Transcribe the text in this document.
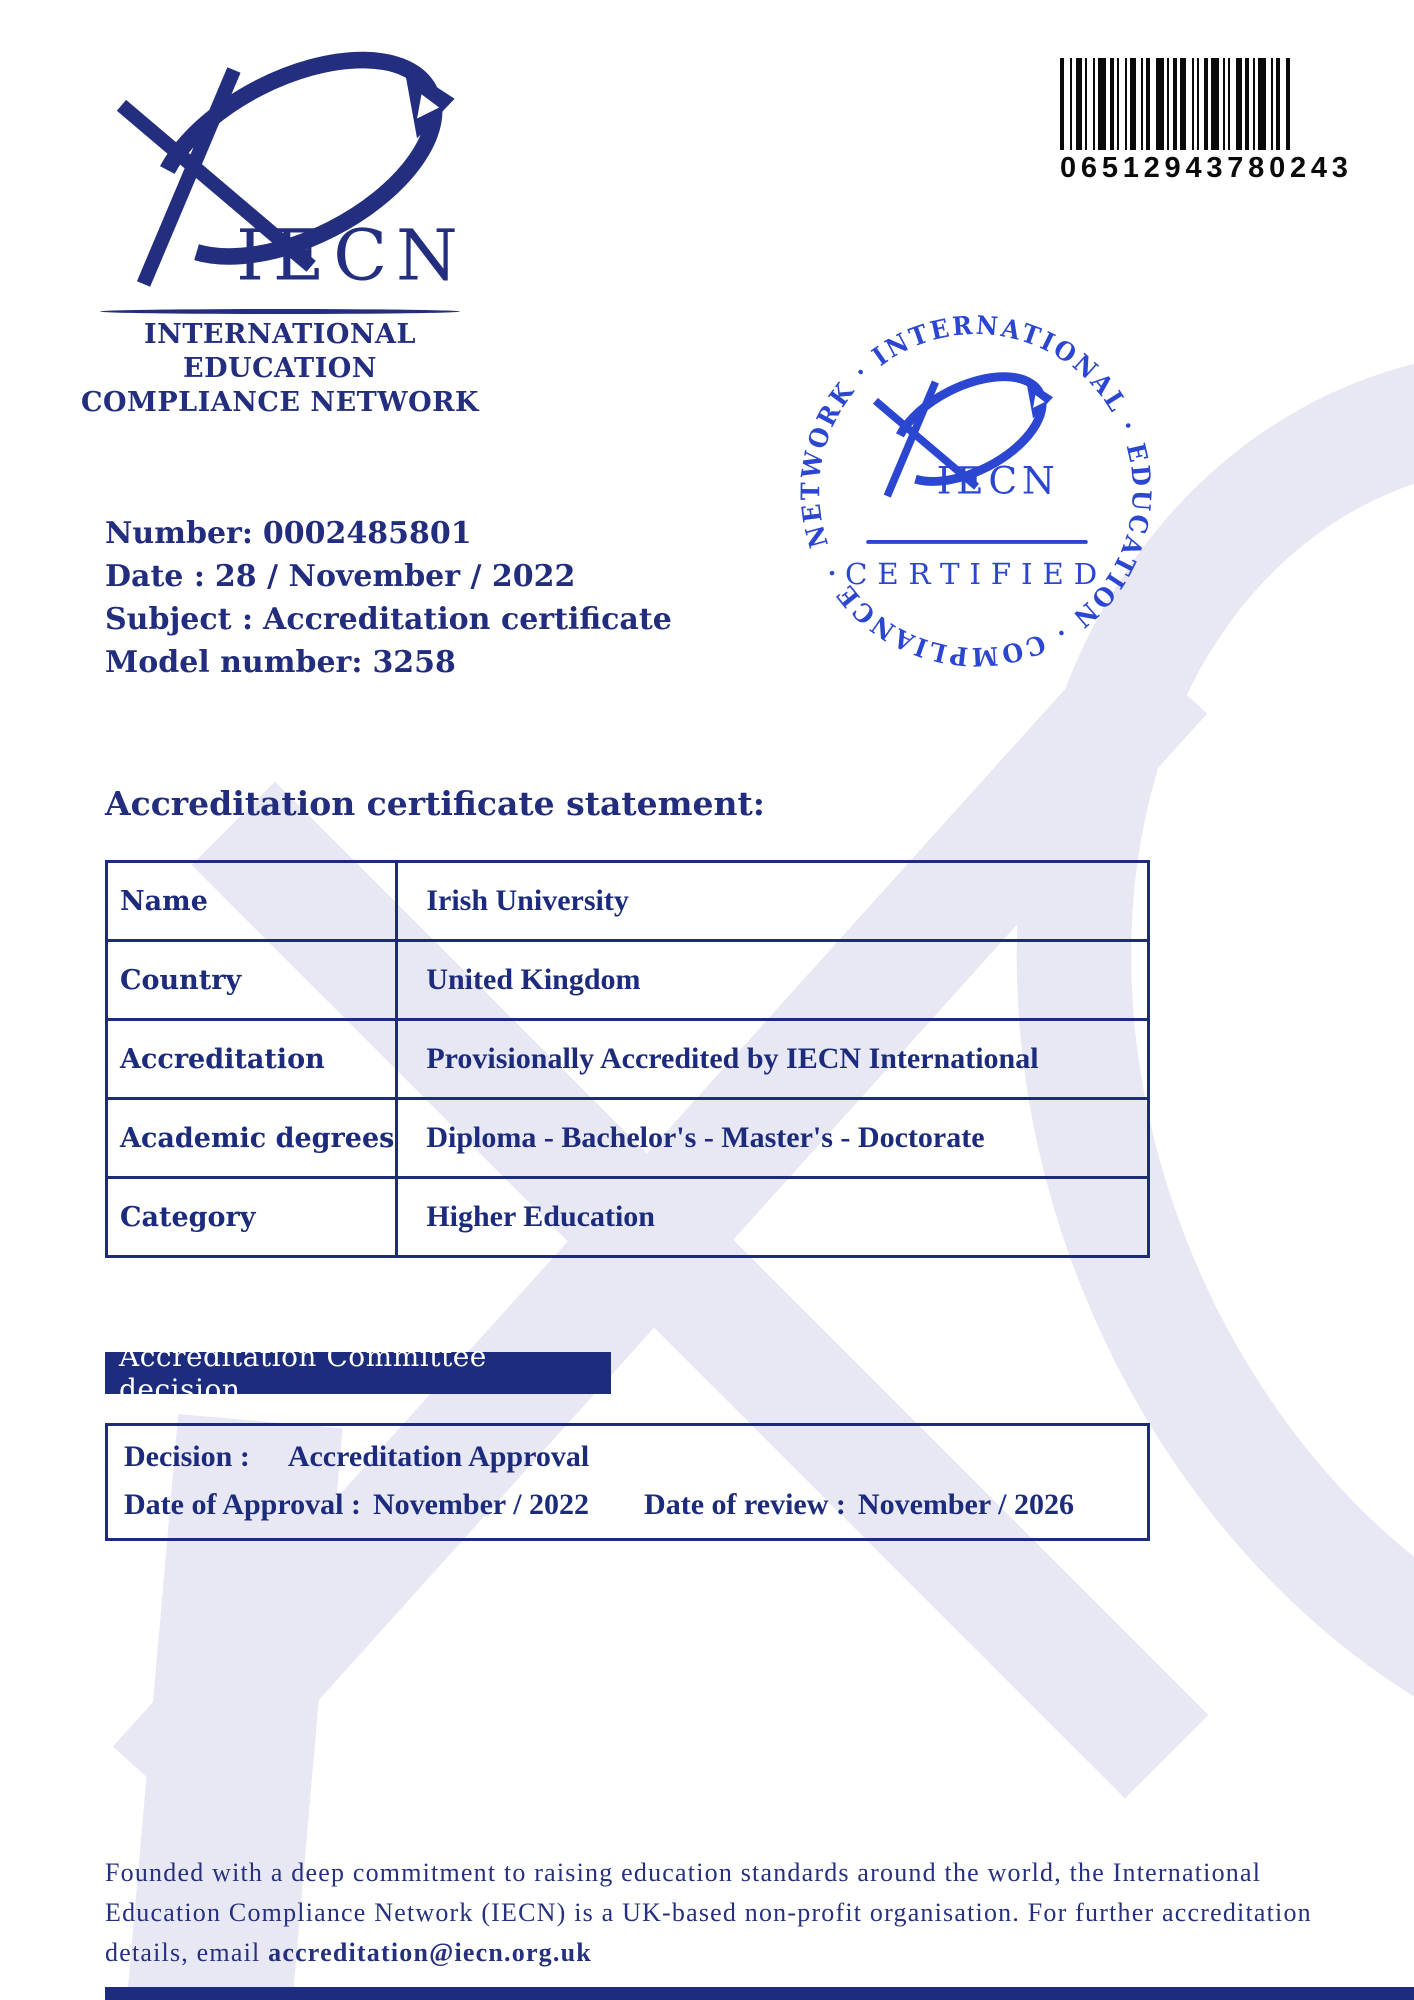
IECN
INTERNATIONAL EDUCATION
COMPLIANCE NETWORK
0 6 5 1 2 9 4 3 7 8 0 2 4 3
Number: 0002485801
Date : 28 / November / 2022
Subject : Accreditation certificate
Model number: 3258
NETWORK · INTERNATIONAL · EDUCATION · COMPLIANCE ·
IECN
CERTIFIED
Accreditation certificate statement:
Name	Irish University
Country	United Kingdom
Accreditation	Provisionally Accredited by IECN International
Academic degrees	Diploma - Bachelor's - Master's - Doctorate
Category	Higher Education
Accreditation Committee decision
Decision : Accreditation Approval
Date of Approval : November / 2022 Date of review : November / 2026
Founded with a deep commitment to raising education standards around the world, the International Education Compliance Network (IECN) is a UK-based non-profit organisation. For further accreditation details, email accreditation@iecn.org.uk
